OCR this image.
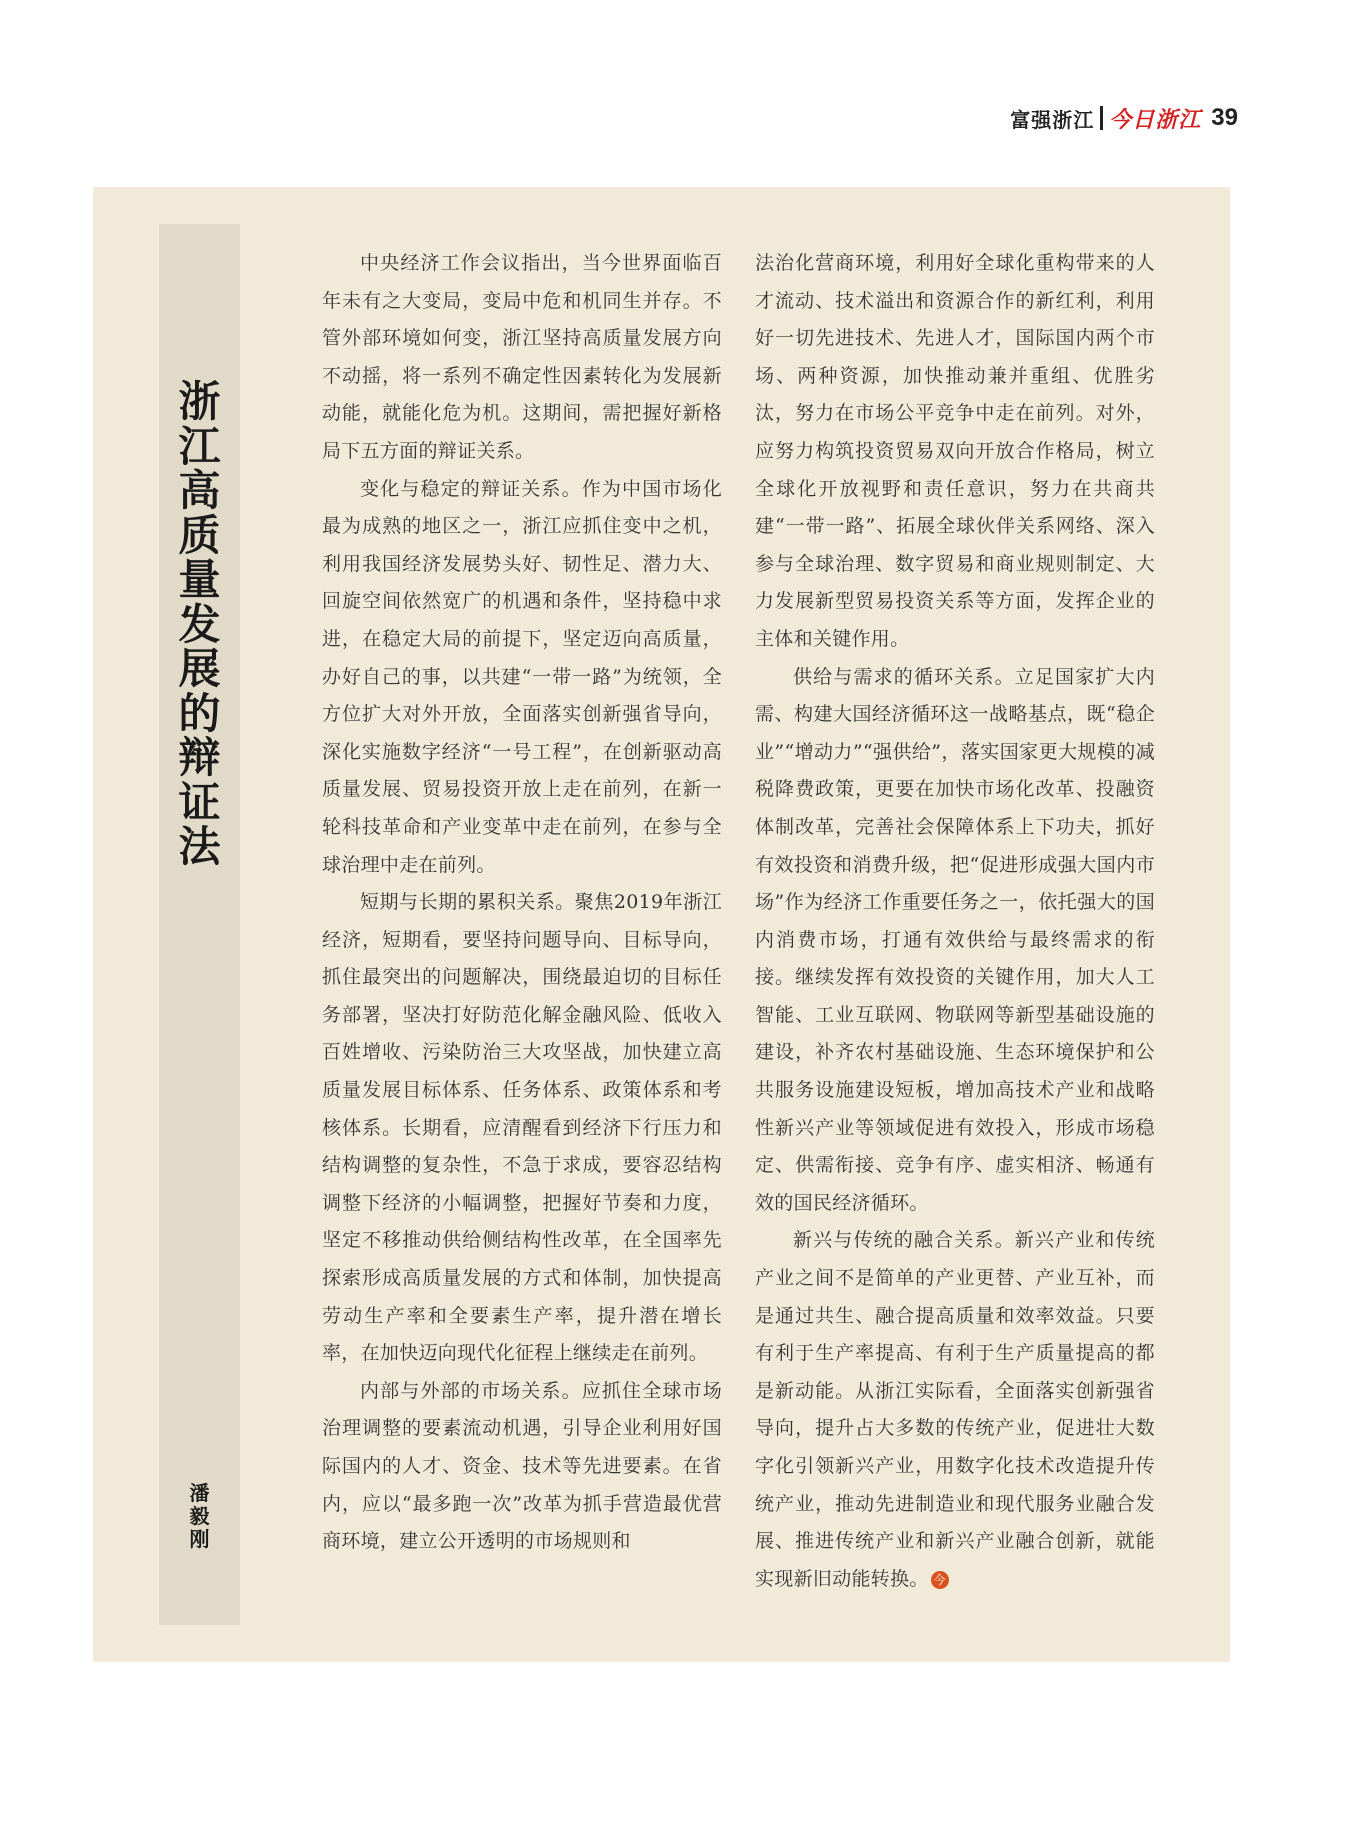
富强浙江 今日浙江 39
浙
江
高
质
量
发
展
的
辩
证
法
潘
毅
刚

中央经济工作会议指出，当今世界面临百年未有之大变局，变局中危和机同生并存。不管外部环境如何变，浙江坚持高质量发展方向不动摇，将一系列不确定性因素转化为发展新动能，就能化危为机。这期间，需把握好新格局下五方面的辩证关系。

变化与稳定的辩证关系。作为中国市场化最为成熟的地区之一，浙江应抓住变中之机，利用我国经济发展势头好、韧性足、潜力大、回旋空间依然宽广的机遇和条件，坚持稳中求进，在稳定大局的前提下，坚定迈向高质量，办好自己的事，以共建“一带一路”为统领，全方位扩大对外开放，全面落实创新强省导向，深化实施数字经济“一号工程”，在创新驱动高质量发展、贸易投资开放上走在前列，在新一轮科技革命和产业变革中走在前列，在参与全球治理中走在前列。

短期与长期的累积关系。聚焦2019年浙江经济，短期看，要坚持问题导向、目标导向，抓住最突出的问题解决，围绕最迫切的目标任务部署，坚决打好防范化解金融风险、低收入百姓增收、污染防治三大攻坚战，加快建立高质量发展目标体系、任务体系、政策体系和考核体系。长期看，应清醒看到经济下行压力和结构调整的复杂性，不急于求成，要容忍结构调整下经济的小幅调整，把握好节奏和力度，坚定不移推动供给侧结构性改革，在全国率先探索形成高质量发展的方式和体制，加快提高劳动生产率和全要素生产率，提升潜在增长率，在加快迈向现代化征程上继续走在前列。

内部与外部的市场关系。应抓住全球市场治理调整的要素流动机遇，引导企业利用好国际国内的人才、资金、技术等先进要素。在省内，应以“最多跑一次”改革为抓手营造最优营商环境，建立公开透明的市场规则和

法治化营商环境，利用好全球化重构带来的人才流动、技术溢出和资源合作的新红利，利用好一切先进技术、先进人才，国际国内两个市场、两种资源，加快推动兼并重组、优胜劣汰，努力在市场公平竞争中走在前列。对外，应努力构筑投资贸易双向开放合作格局，树立全球化开放视野和责任意识，努力在共商共建“一带一路”、拓展全球伙伴关系网络、深入参与全球治理、数字贸易和商业规则制定、大力发展新型贸易投资关系等方面，发挥企业的主体和关键作用。

供给与需求的循环关系。立足国家扩大内需、构建大国经济循环这一战略基点，既“稳企业”“增动力”“强供给”，落实国家更大规模的减税降费政策，更要在加快市场化改革、投融资体制改革，完善社会保障体系上下功夫，抓好有效投资和消费升级，把“促进形成强大国内市场”作为经济工作重要任务之一，依托强大的国内消费市场，打通有效供给与最终需求的衔接。继续发挥有效投资的关键作用，加大人工智能、工业互联网、物联网等新型基础设施的建设，补齐农村基础设施、生态环境保护和公共服务设施建设短板，增加高技术产业和战略性新兴产业等领域促进有效投入，形成市场稳定、供需衔接、竞争有序、虚实相济、畅通有效的国民经济循环。

新兴与传统的融合关系。新兴产业和传统产业之间不是简单的产业更替、产业互补，而是通过共生、融合提高质量和效率效益。只要有利于生产率提高、有利于生产质量提高的都是新动能。从浙江实际看，全面落实创新强省导向，提升占大多数的传统产业，促进壮大数字化引领新兴产业，用数字化技术改造提升传统产业，推动先进制造业和现代服务业融合发展、推进传统产业和新兴产业融合创新，就能实现新旧动能转换。 今
